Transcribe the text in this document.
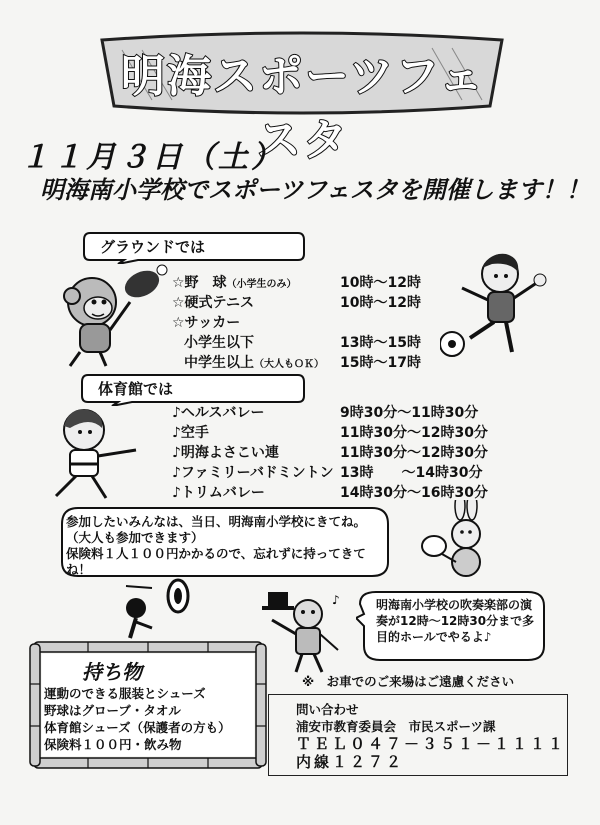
明海スポーツフェスタ
１１月３日（土）
明海南小学校でスポーツフェスタを開催します！！
グラウンドでは
☆野　球（小学生のみ）	10時～12時
☆硬式テニス	10時～12時
☆サッカー
小学生以下	13時～15時
中学生以上（大人もＯＫ） 15時～17時
体育館では
♪ヘルスバレー	9時30分～11時30分
♪空手	11時30分～12時30分
♪明海よさこい連	11時30分～12時30分
♪ファミリーバドミントン 13時　　～14時30分
♪トリムバレー	14時30分～16時30分
参加したいみんなは、当日、明海南小学校にきてね。（大人も参加できます）
保険料１人１００円かかるので、忘れずに持ってきてね！
♪	明海南小学校の吹奏楽部の演奏が12時～12時30分まで多目的ホールでやるよ♪
※　お車でのご来場はご遠慮ください
持ち物
運動のできる服装とシューズ
野球はグローブ・タオル
体育館シューズ（保護者の方も）
保険料１００円・飲み物
問い合わせ
浦安市教育委員会　市民スポーツ課
ＴＥＬ０４７－３５１－１１１１
内線１２７２
